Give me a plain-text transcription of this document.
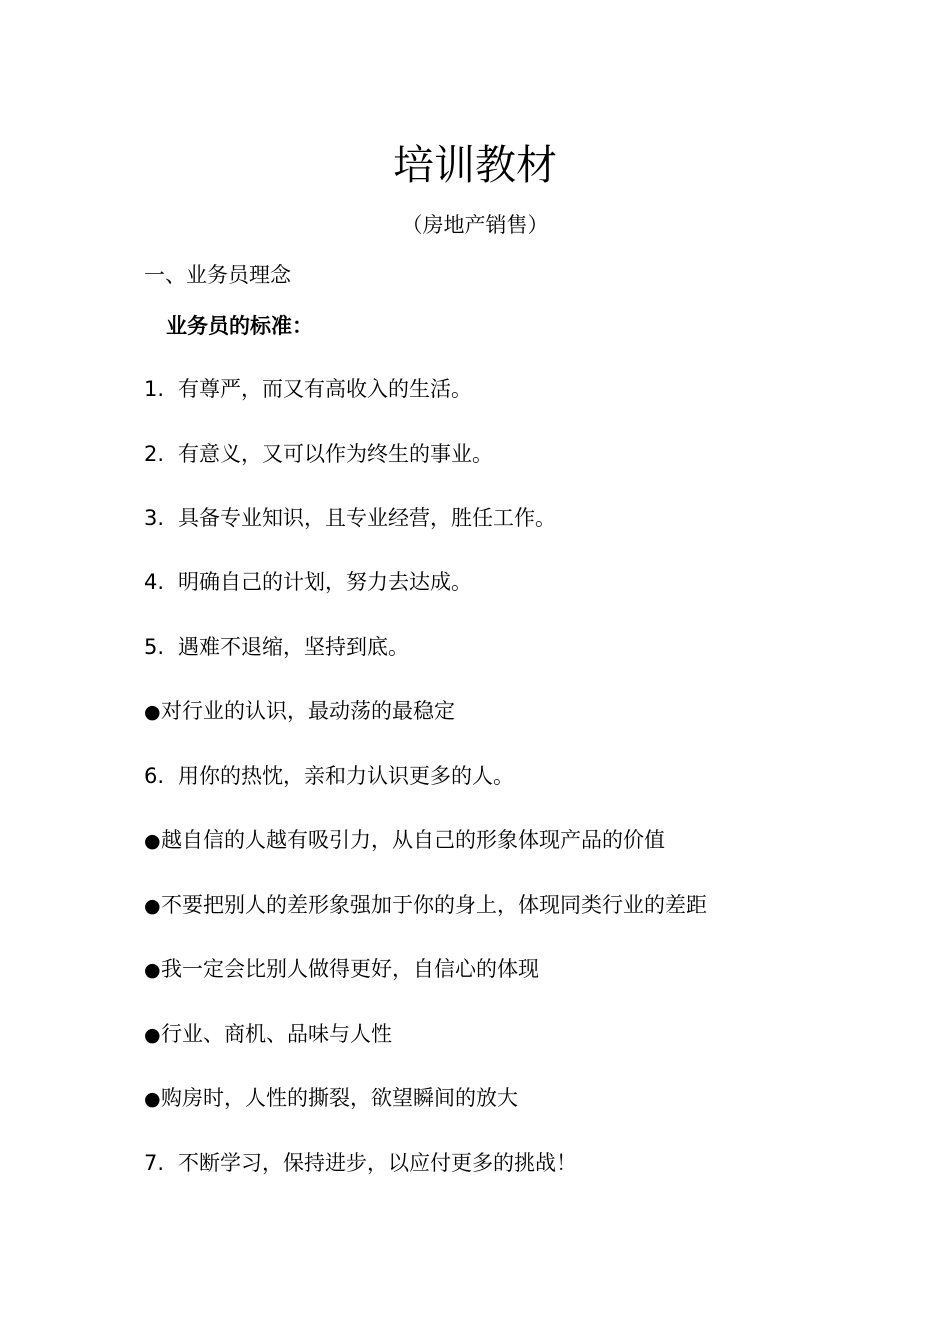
培训教材
（房地产销售）
一、业务员理念
业务员的标准：
1. 有尊严，而又有高收入的生活。
2. 有意义，又可以作为终生的事业。
3. 具备专业知识，且专业经营，胜任工作。
4. 明确自己的计划，努力去达成。
5. 遇难不退缩，坚持到底。
●对行业的认识，最动荡的最稳定
6. 用你的热忱，亲和力认识更多的人。
●越自信的人越有吸引力，从自己的形象体现产品的价值
●不要把别人的差形象强加于你的身上，体现同类行业的差距
●我一定会比别人做得更好，自信心的体现
●行业、商机、品味与人性
●购房时，人性的撕裂，欲望瞬间的放大
7. 不断学习，保持进步，以应付更多的挑战！
